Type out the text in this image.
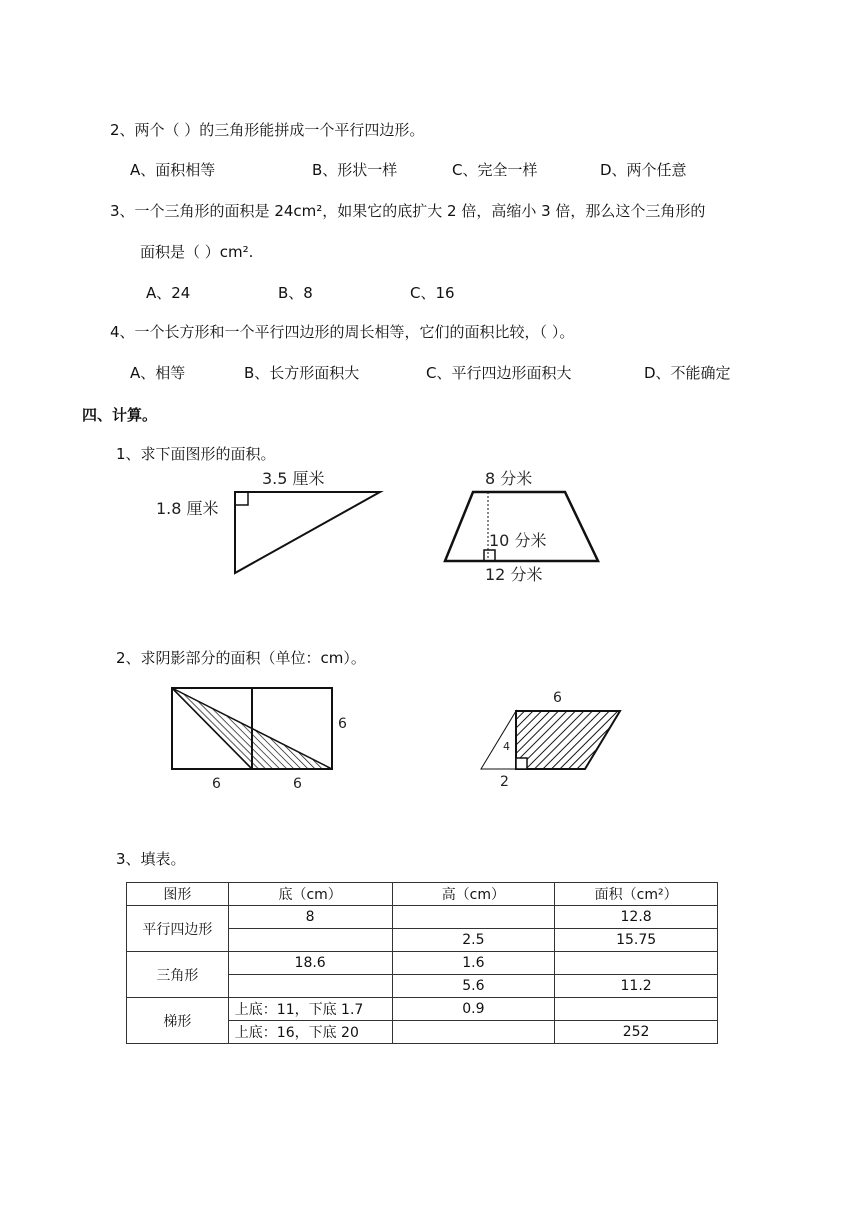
2、两个（ ）的三角形能拼成一个平行四边形。
A、面积相等	B、形状一样	C、完全一样	D、两个任意
3、一个三角形的面积是 24cm²，如果它的底扩大 2 倍，高缩小 3 倍，那么这个三角形的
面积是（ ）cm².
A、24	B、8	C、16
4、一个长方形和一个平行四边形的周长相等，它们的面积比较，（ ）。
A、相等	B、长方形面积大	C、平行四边形面积大	D、不能确定
四、计算。
1、求下面图形的面积。
3.5 厘米
1.8 厘米
8 分米
10 分米
12 分米
2、求阴影部分的面积（单位：cm）。
6	6
6
6
4
2
3、填表。
图形	底（cm）	高（cm）	面积（cm²）
平行四边形	8		12.8
		2.5	15.75
三角形	18.6	1.6	
		5.6	11.2
梯形	上底：11，下底 1.7	0.9	
	上底：16，下底 20		252
